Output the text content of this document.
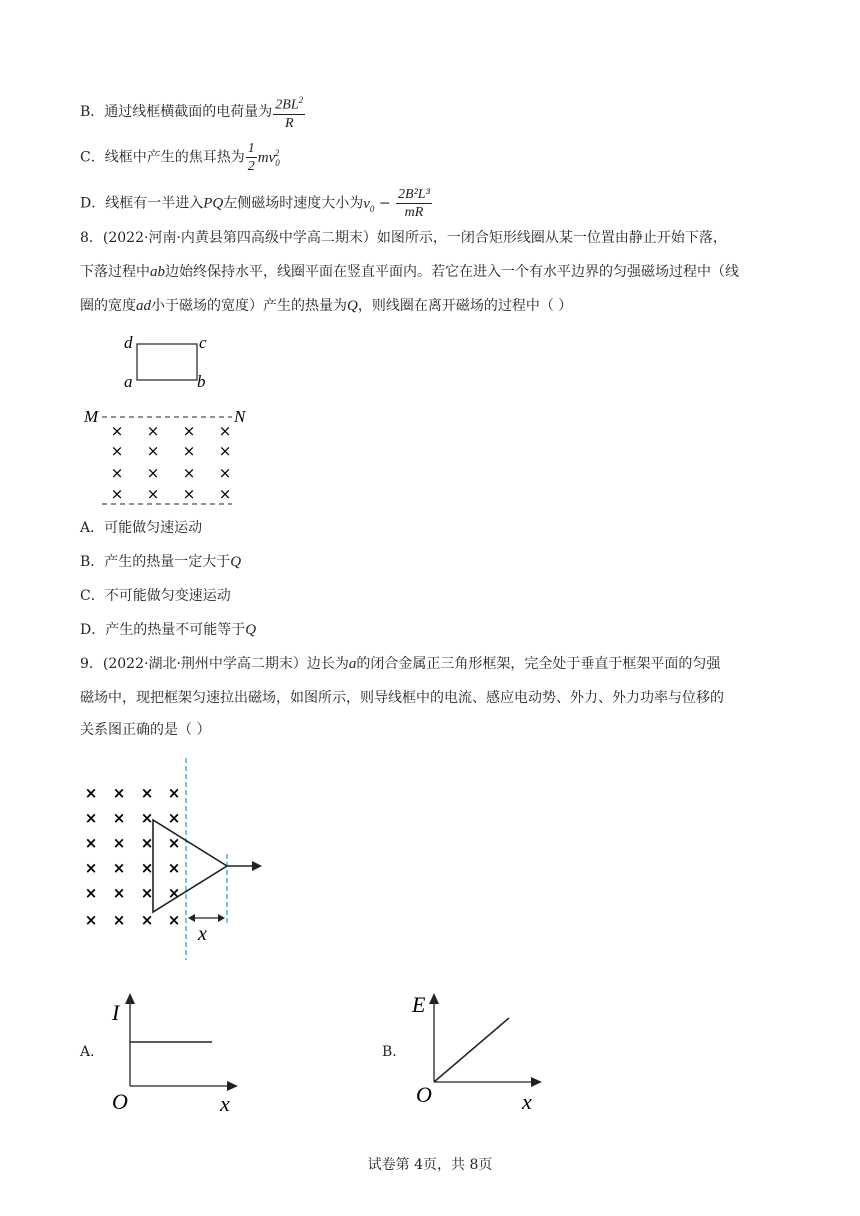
B．通过线框横截面的电荷量为 $\frac{2BL^2}{R}$
C．线框中产生的焦耳热为 $\frac{1}{2} mv_0^2$
D．线框有一半进入PQ左侧磁场时速度大小为$v_0 - \frac{\text{2B²L³}}{mR}$
8．(2022·河南·内黄县第四高级中学高二期末）如图所示，一闭合矩形线圈从某一位置由静止开始下落，
下落过程中ab边始终保持水平，线圈平面在竖直平面内。若它在进入一个有水平边界的匀强磁场过程中（线
圈的宽度ad小于磁场的宽度）产生的热量为Q，则线圈在离开磁场的过程中（ ）
d	c
a	b
M	N
× × × ×
× × × ×
× × × ×
× × × ×
A．可能做匀速运动
B．产生的热量一定大于Q
C．不可能做匀变速运动
D．产生的热量不可能等于Q
9．(2022·湖北·荆州中学高二期末）边长为a的闭合金属正三角形框架，完全处于垂直于框架平面的匀强
磁场中，现把框架匀速拉出磁场，如图所示，则导线框中的电流、感应电动势、外力、外力功率与位移的
关系图正确的是（ ）
× × × ×
× × × ×
× × × ×
× × × ×
× × × ×
× × × ×
x
A．
I
O	x
B．
E
O	x
试卷第 4页，共 8页
